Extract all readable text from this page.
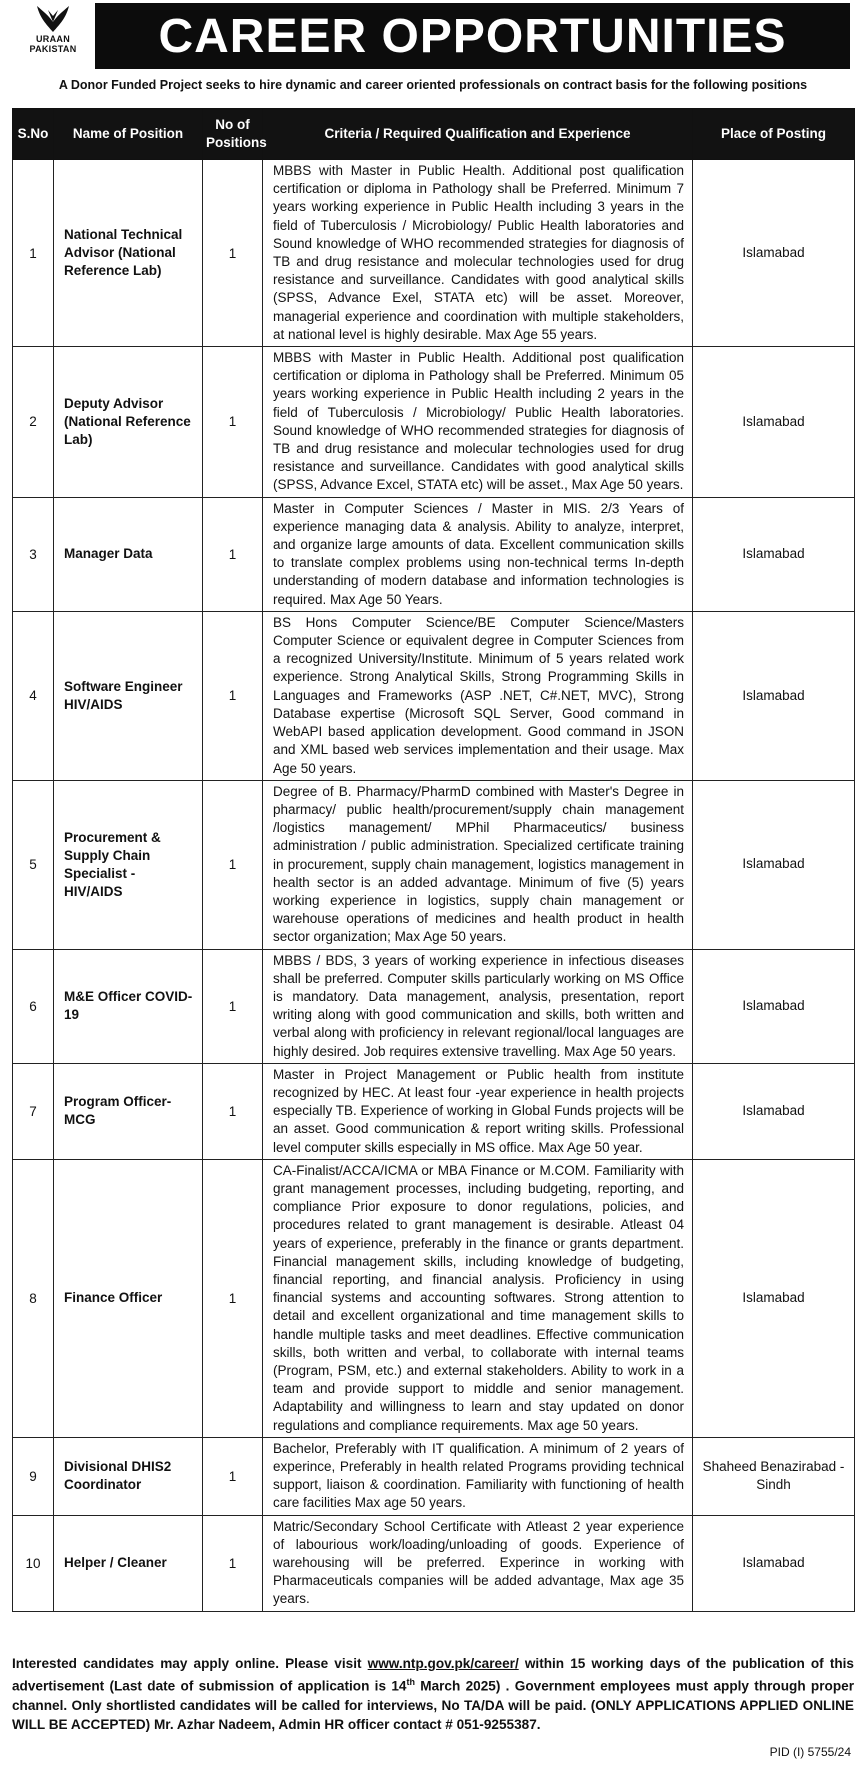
URAAN
PAKISTAN	CAREER OPPORTUNITIES
A Donor Funded Project seeks to hire dynamic and career oriented professionals on contract basis for the following positions
S.No	Name of Position	No of Positions	Criteria / Required Qualification and Experience	Place of Posting
1	National Technical Advisor (National Reference Lab)	1	MBBS with Master in Public Health. Additional post qualification certification or diploma in Pathology shall be Preferred. Minimum 7 years working experience in Public Health including 3 years in the field of Tuberculosis / Microbiology/ Public Health laboratories and Sound knowledge of WHO recommended strategies for diagnosis of TB and drug resistance and molecular technologies used for drug resistance and surveillance. Candidates with good analytical skills (SPSS, Advance Exel, STATA etc) will be asset. Moreover, managerial experience and coordination with multiple stakeholders, at national level is highly desirable. Max Age 55 years.	Islamabad
2	Deputy Advisor (National Reference Lab)	1	MBBS with Master in Public Health. Additional post qualification certification or diploma in Pathology shall be Preferred. Minimum 05 years working experience in Public Health including 2 years in the field of Tuberculosis / Microbiology/ Public Health laboratories. Sound knowledge of WHO recommended strategies for diagnosis of TB and drug resistance and molecular technologies used for drug resistance and surveillance. Candidates with good analytical skills (SPSS, Advance Excel, STATA etc) will be asset., Max Age 50 years.	Islamabad
3	Manager Data	1	Master in Computer Sciences / Master in MIS. 2/3 Years of experience managing data & analysis. Ability to analyze, interpret, and organize large amounts of data. Excellent communication skills to translate complex problems using non-technical terms In-depth understanding of modern database and information technologies is required. Max Age 50 Years.	Islamabad
4	Software Engineer HIV/AIDS	1	BS Hons Computer Science/BE Computer Science/Masters Computer Science or equivalent degree in Computer Sciences from a recognized University/Institute. Minimum of 5 years related work experience. Strong Analytical Skills, Strong Programming Skills in Languages and Frameworks (ASP .NET, C#.NET, MVC), Strong Database expertise (Microsoft SQL Server, Good command in WebAPI based application development. Good command in JSON and XML based web services implementation and their usage. Max Age 50 years.	Islamabad
5	Procurement & Supply Chain Specialist - HIV/AIDS	1	Degree of B. Pharmacy/PharmD combined with Master's Degree in pharmacy/ public health/procurement/supply chain management /logistics management/ MPhil Pharmaceutics/ business administration / public administration. Specialized certificate training in procurement, supply chain management, logistics management in health sector is an added advantage. Minimum of five (5) years working experience in logistics, supply chain management or warehouse operations of medicines and health product in health sector organization; Max Age 50 years.	Islamabad
6	M&E Officer COVID-19	1	MBBS / BDS, 3 years of working experience in infectious diseases shall be preferred. Computer skills particularly working on MS Office is mandatory. Data management, analysis, presentation, report writing along with good communication and skills, both written and verbal along with proficiency in relevant regional/local languages are highly desired. Job requires extensive travelling. Max Age 50 years.	Islamabad
7	Program Officer-MCG	1	Master in Project Management or Public health from institute recognized by HEC. At least four -year experience in health projects especially TB. Experience of working in Global Funds projects will be an asset. Good communication & report writing skills. Professional level computer skills especially in MS office. Max Age 50 year.	Islamabad
8	Finance Officer	1	CA-Finalist/ACCA/ICMA or MBA Finance or M.COM. Familiarity with grant management processes, including budgeting, reporting, and compliance Prior exposure to donor regulations, policies, and procedures related to grant management is desirable. Atleast 04 years of experience, preferably in the finance or grants department. Financial management skills, including knowledge of budgeting, financial reporting, and financial analysis. Proficiency in using financial systems and accounting softwares. Strong attention to detail and excellent organizational and time management skills to handle multiple tasks and meet deadlines. Effective communication skills, both written and verbal, to collaborate with internal teams (Program, PSM, etc.) and external stakeholders. Ability to work in a team and provide support to middle and senior management. Adaptability and willingness to learn and stay updated on donor regulations and compliance requirements. Max age 50 years.	Islamabad
9	Divisional DHIS2 Coordinator	1	Bachelor, Preferably with IT qualification. A minimum of 2 years of experince, Preferably in health related Programs providing technical support, liaison & coordination. Familiarity with functioning of health care facilities Max age 50 years.	Shaheed Benazirabad - Sindh
10	Helper / Cleaner	1	Matric/Secondary School Certificate with Atleast 2 year experience of labourious work/loading/unloading of goods. Experience of warehousing will be preferred. Experince in working with Pharmaceuticals companies will be added advantage, Max age 35 years.	Islamabad
Interested candidates may apply online. Please visit www.ntp.gov.pk/career/ within 15 working days of the publication of this advertisement (Last date of submission of application is 14th March 2025) . Government employees must apply through proper channel. Only shortlisted candidates will be called for interviews, No TA/DA will be paid. (ONLY APPLICATIONS APPLIED ONLINE WILL BE ACCEPTED) Mr. Azhar Nadeem, Admin HR officer contact # 051-9255387.
PID (I) 5755/24
